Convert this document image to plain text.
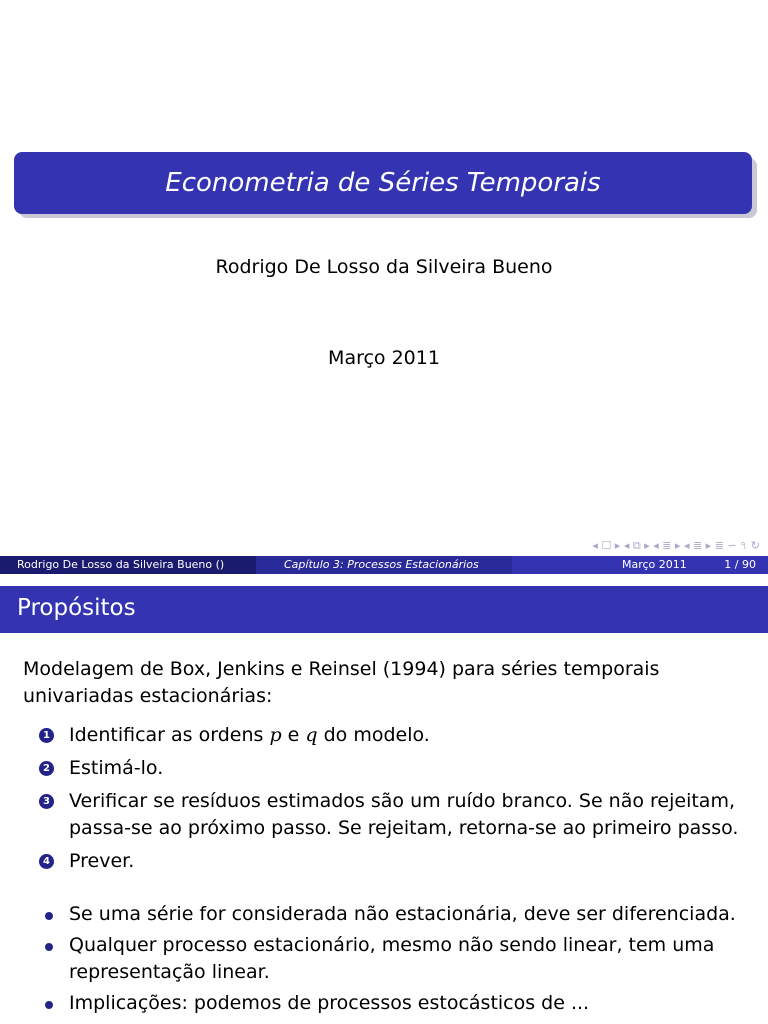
Econometria de Séries Temporais
Rodrigo De Losso da Silveira Bueno
Março 2011
◂ ☐ ▸ ◂ ⧉ ▸ ◂ ≣ ▸ ◂ ≣ ▸ ≣ ∽ ৭ ↻
Rodrigo De Losso da Silveira Bueno ()	Capítulo 3: Processos Estacionários	Março 2011	1 / 90
Propósitos

Modelagem de Box, Jenkins e Reinsel (1994) para séries temporais univariadas estacionárias:

1 Identificar as ordens p e q do modelo.
2 Estimá-lo.
3 Verificar se resíduos estimados são um ruído branco. Se não rejeitam, passa-se ao próximo passo. Se rejeitam, retorna-se ao primeiro passo.
4 Prever.
Se uma série for considerada não estacionária, deve ser diferenciada.
Qualquer processo estacionário, mesmo não sendo linear, tem uma representação linear.
Implicações: podemos de processos estocásticos de ...
